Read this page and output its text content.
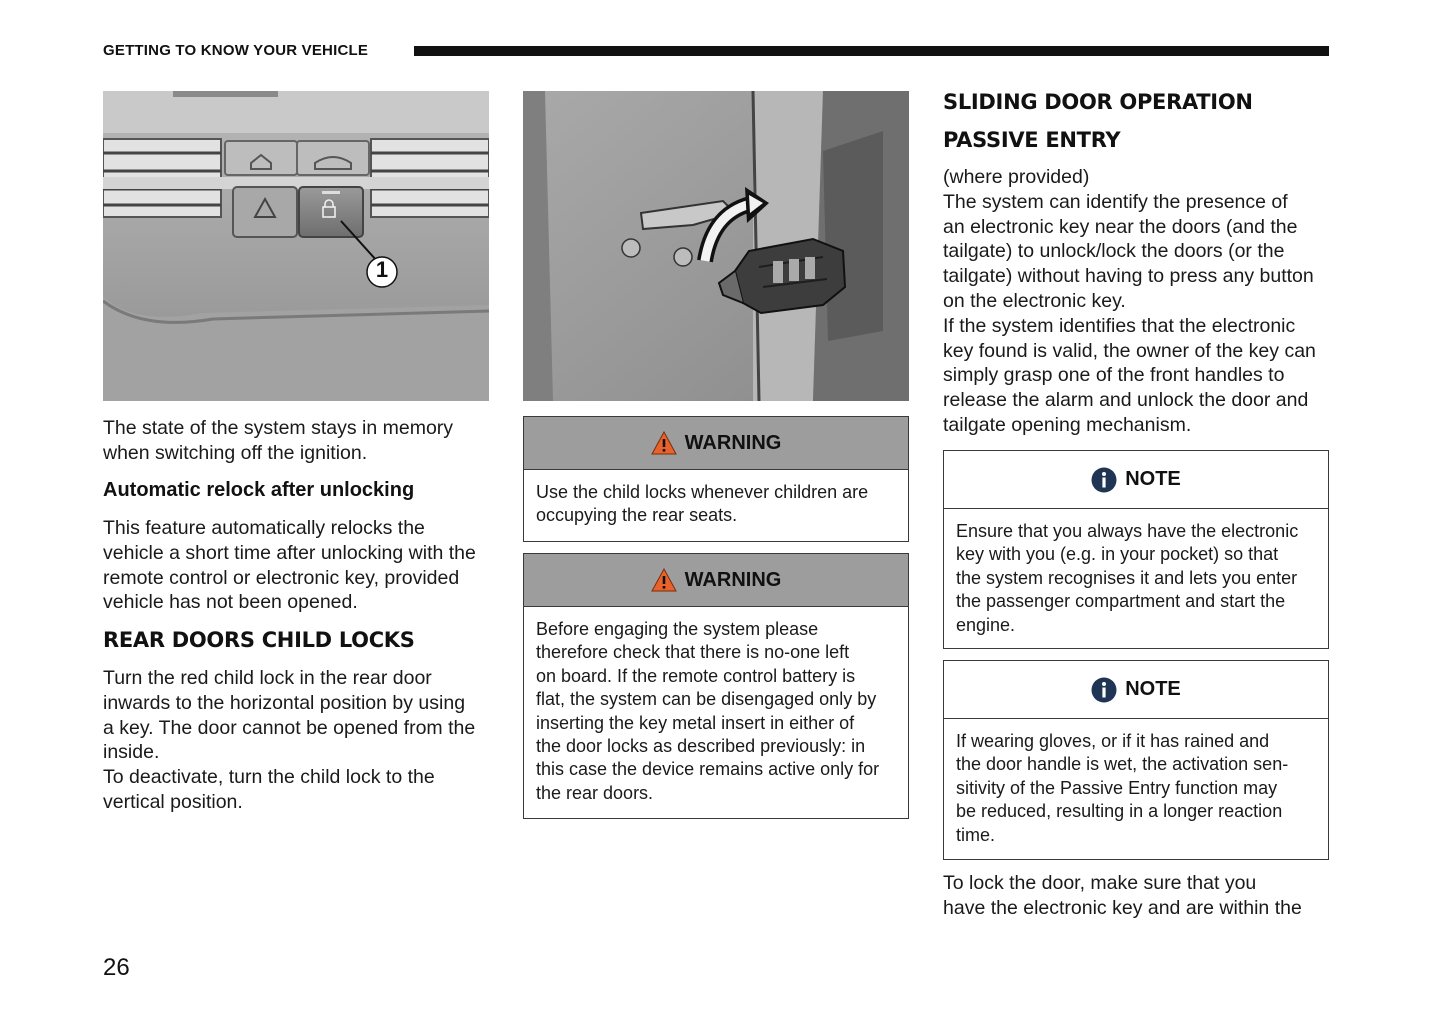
GETTING TO KNOW YOUR VEHICLE
1

The state of the system stays in memory
when switching off the ignition.

Automatic relock after unlocking

This feature automatically relocks the
vehicle a short time after unlocking with the
remote control or electronic key, provided
vehicle has not been opened.

REAR DOORS CHILD LOCKS

Turn the red child lock in the rear door
inwards to the horizontal position by using
a key. The door cannot be opened from the
inside.
To deactivate, turn the child lock to the
vertical position.

WARNING
Use the child locks whenever children are
occupying the rear seats.
WARNING
Before engaging the system please
therefore check that there is no-one left
on board. If the remote control battery is
flat, the system can be disengaged only by
inserting the key metal insert in either of
the door locks as described previously: in
this case the device remains active only for
the rear doors.
SLIDING DOOR OPERATION
PASSIVE ENTRY

(where provided)
The system can identify the presence of
an electronic key near the doors (and the
tailgate) to unlock/lock the doors (or the
tailgate) without having to press any button
on the electronic key.
If the system identifies that the electronic
key found is valid, the owner of the key can
simply grasp one of the front handles to
release the alarm and unlock the door and
tailgate opening mechanism.

NOTE
Ensure that you always have the electronic
key with you (e.g. in your pocket) so that
the system recognises it and lets you enter
the passenger compartment and start the
engine.
NOTE
If wearing gloves, or if it has rained and
the door handle is wet, the activation sen-
sitivity of the Passive Entry function may
be reduced, resulting in a longer reaction
time.

To lock the door, make sure that you
have the electronic key and are within the

26
